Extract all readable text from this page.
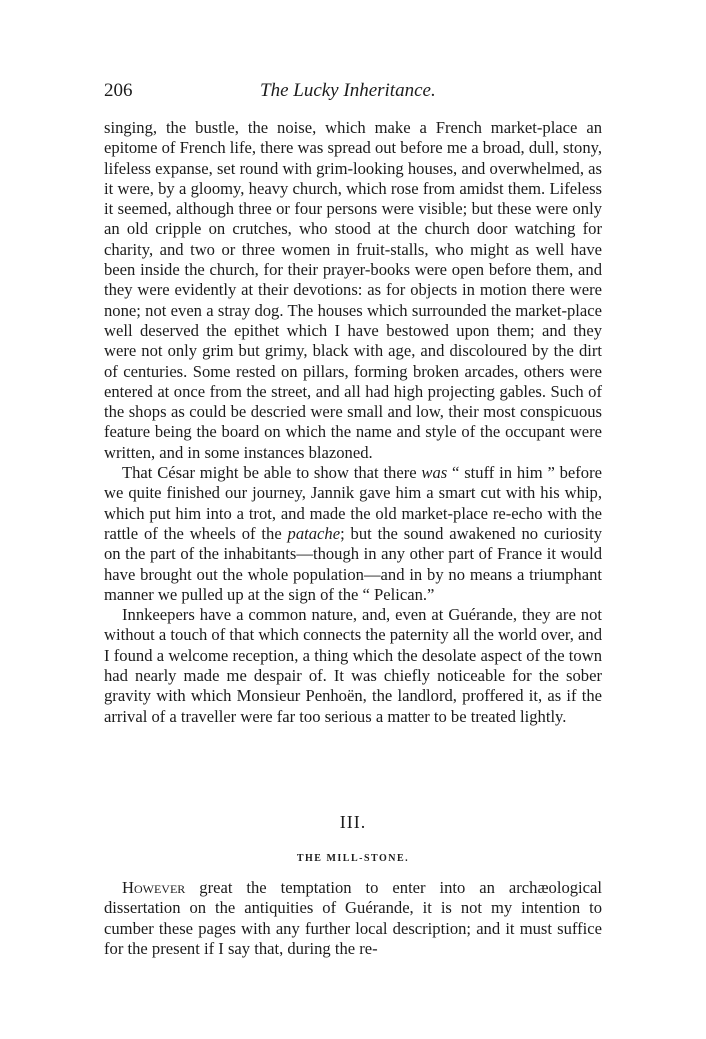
206	The Lucky Inheritance.

singing, the bustle, the noise, which make a French market-place an epitome of French life, there was spread out before me a broad, dull, stony, lifeless expanse, set round with grim-looking houses, and overwhelmed, as it were, by a gloomy, heavy church, which rose from amidst them. Lifeless it seemed, although three or four persons were visible; but these were only an old cripple on crutches, who stood at the church door watching for charity, and two or three women in fruit-stalls, who might as well have been inside the church, for their prayer-books were open before them, and they were evidently at their devotions: as for objects in motion there were none; not even a stray dog. The houses which surrounded the market-place well deserved the epithet which I have bestowed upon them; and they were not only grim but grimy, black with age, and discoloured by the dirt of centuries. Some rested on pillars, forming broken arcades, others were entered at once from the street, and all had high projecting gables. Such of the shops as could be descried were small and low, their most conspicuous feature being the board on which the name and style of the occupant were written, and in some instances blazoned.

That César might be able to show that there was “ stuff in him ” before we quite finished our journey, Jannik gave him a smart cut with his whip, which put him into a trot, and made the old market-place re-echo with the rattle of the wheels of the patache; but the sound awakened no curiosity on the part of the inhabitants—though in any other part of France it would have brought out the whole population—and in by no means a triumphant manner we pulled up at the sign of the “ Pelican.”

Innkeepers have a common nature, and, even at Guérande, they are not without a touch of that which connects the paternity all the world over, and I found a welcome reception, a thing which the desolate aspect of the town had nearly made me despair of. It was chiefly noticeable for the sober gravity with which Monsieur Penhoën, the landlord, proffered it, as if the arrival of a traveller were far too serious a matter to be treated lightly.

III.
THE MILL-STONE.

However great the temptation to enter into an archæological dissertation on the antiquities of Guérande, it is not my intention to cumber these pages with any further local description; and it must suffice for the present if I say that, during the re-
